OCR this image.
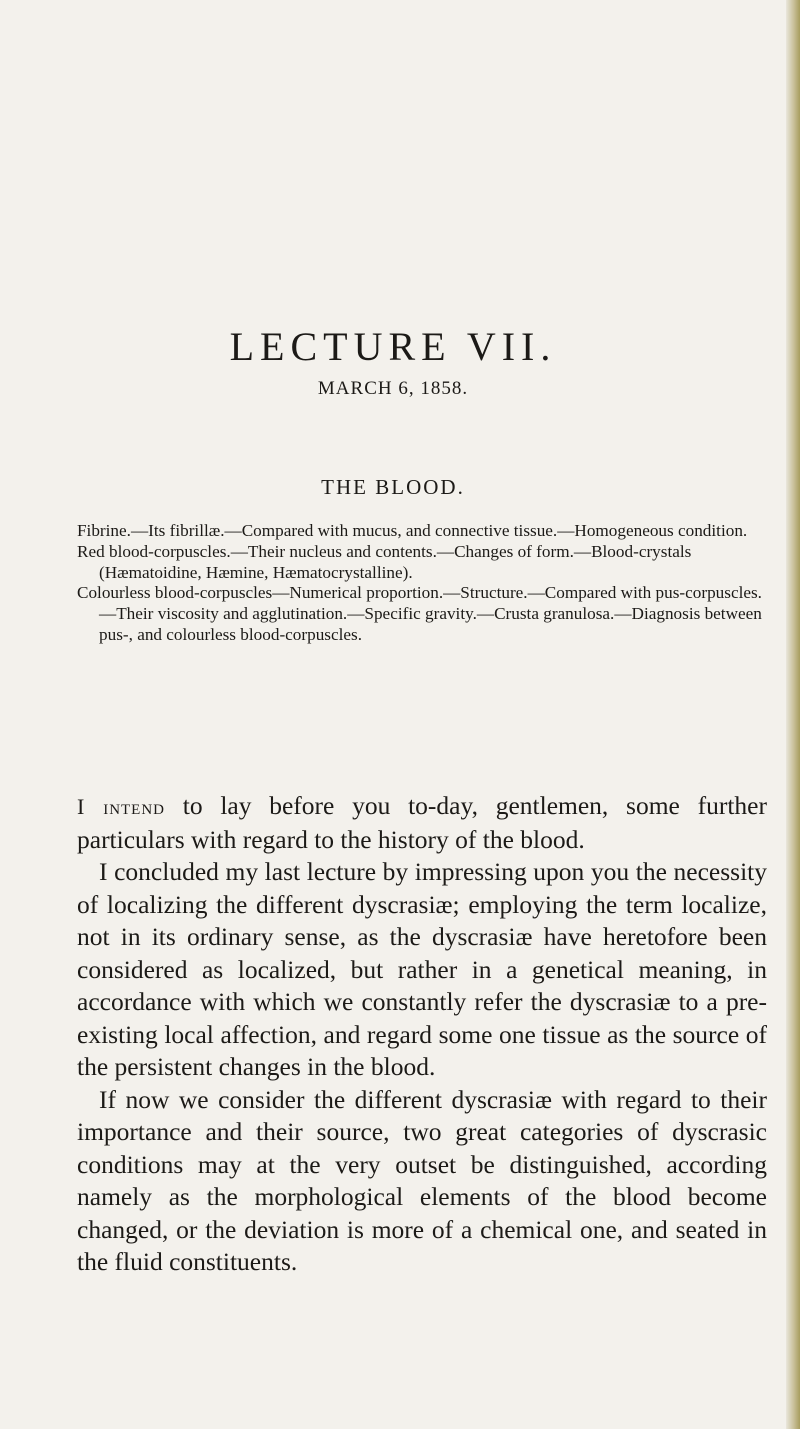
LECTURE VII.
MARCH 6, 1858.
THE BLOOD.

Fibrine.—Its fibrillæ.—Compared with mucus, and connective tissue.—Homogeneous condition.

Red blood-corpuscles.—Their nucleus and contents.—Changes of form.—Blood-crystals (Hæmatoidine, Hæmine, Hæmatocrystalline).

Colourless blood-corpuscles—Numerical proportion.—Structure.—Compared with pus-corpuscles.—Their viscosity and agglutination.—Specific gravity.—Crusta granulosa.—Diagnosis between pus-, and colourless blood-corpuscles.

I intend to lay before you to-day, gentlemen, some further particulars with regard to the history of the blood.

I concluded my last lecture by impressing upon you the necessity of localizing the different dyscrasiæ; employing the term localize, not in its ordinary sense, as the dyscrasiæ have heretofore been considered as localized, but rather in a genetical meaning, in accordance with which we constantly refer the dyscrasiæ to a pre-existing local affection, and regard some one tissue as the source of the persistent changes in the blood.

If now we consider the different dyscrasiæ with regard to their importance and their source, two great categories of dyscrasic conditions may at the very outset be distinguished, according namely as the morphological elements of the blood become changed, or the deviation is more of a chemical one, and seated in the fluid constituents.
